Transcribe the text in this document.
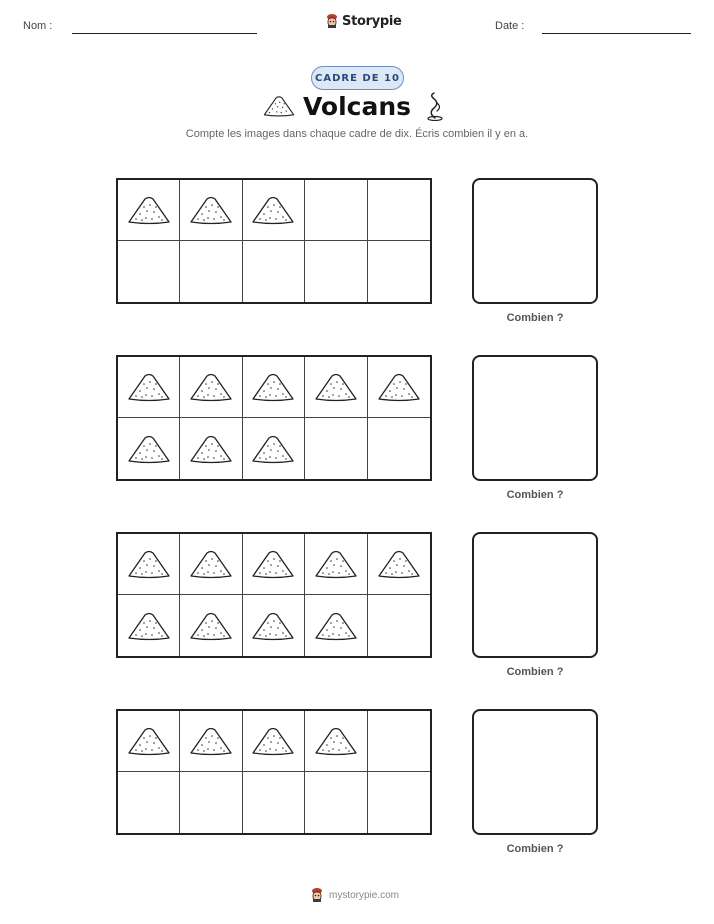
Nom :	Storypie	Date :
CADRE DE 10
Volcans
Compte les images dans chaque cadre de dix. Écris combien il y en a.
Combien ?
Combien ?
Combien ?
Combien ?
mystorypie.com
